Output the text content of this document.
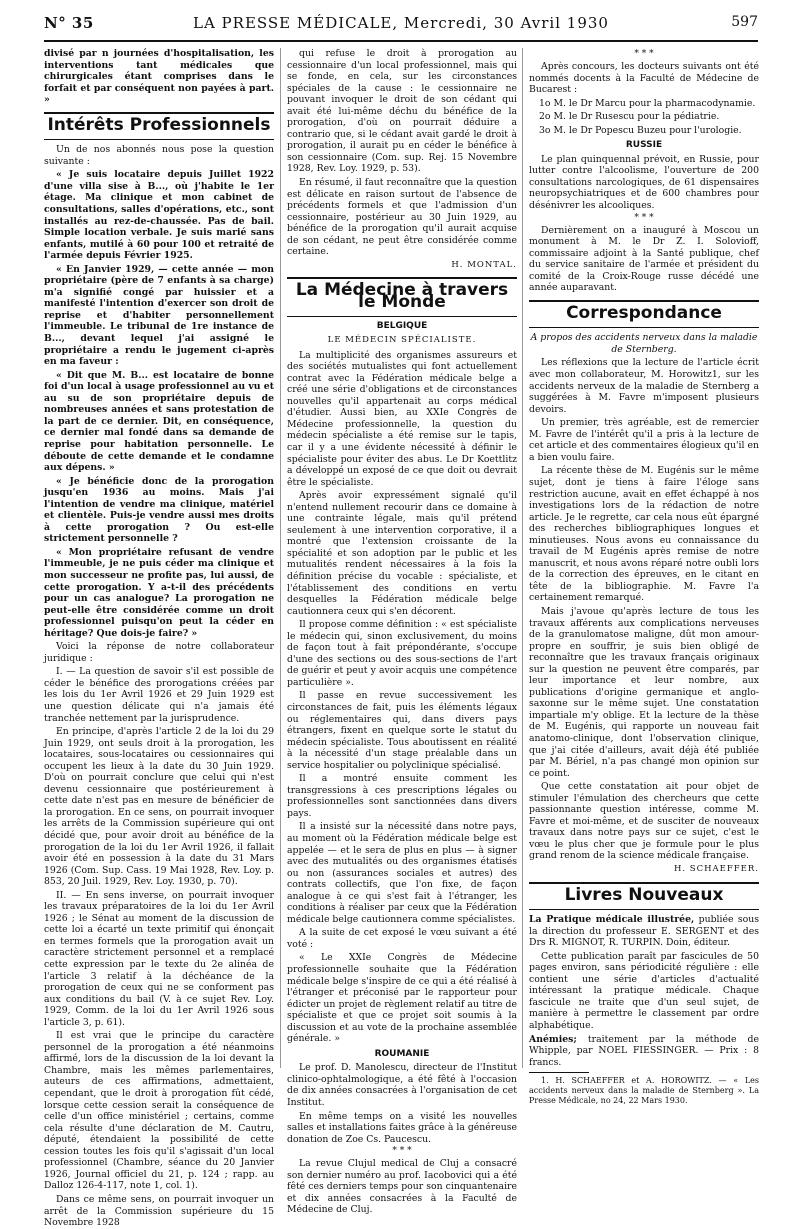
N° 35	LA PRESSE MÉDICALE, Mercredi, 30 Avril 1930	597

divisé par n journées d'hospitalisation, les interventions tant médicales que chirurgicales étant comprises dans le forfait et par conséquent non payées à part. »

Intérêts Professionnels

Un de nos abonnés nous pose la question suivante :

« Je suis locataire depuis Juillet 1922 d'une villa sise à B..., où j'habite le 1er étage. Ma clinique et mon cabinet de consultations, salles d'opérations, etc., sont installés au rez-de-chaussée. Pas de bail. Simple location verbale. Je suis marié sans enfants, mutilé à 60 pour 100 et retraité de l'armée depuis Février 1925.

« En Janvier 1929, — cette année — mon propriétaire (père de 7 enfants à sa charge) m'a signifié congé par huissier et a manifesté l'intention d'exercer son droit de reprise et d'habiter personnellement l'immeuble. Le tribunal de 1re instance de B..., devant lequel j'ai assigné le propriétaire a rendu le jugement ci-après en ma faveur :

« Dit que M. B... est locataire de bonne foi d'un local à usage professionnel au vu et au su de son propriétaire depuis de nombreuses années et sans protestation de la part de ce dernier. Dit, en conséquence, ce dernier mal fondé dans sa demande de reprise pour habitation personnelle. Le déboute de cette demande et le condamne aux dépens. »

« Je bénéficie donc de la prorogation jusqu'en 1936 au moins. Mais j'ai l'intention de vendre ma clinique, matériel et clientèle. Puis-je vendre aussi mes droits à cette prorogation ? Ou est-elle strictement personnelle ?

« Mon propriétaire refusant de vendre l'immeuble, je ne puis céder ma clinique et mon successeur ne profite pas, lui aussi, de cette prorogation. Y a-t-il des précédents pour un cas analogue? La prorogation ne peut-elle être considérée comme un droit professionnel puisqu'on peut la céder en héritage? Que dois-je faire? »

Voici la réponse de notre collaborateur juridique :

I. — La question de savoir s'il est possible de céder le bénéfice des prorogations créées par les lois du 1er Avril 1926 et 29 Juin 1929 est une question délicate qui n'a jamais été tranchée nettement par la jurisprudence.

En principe, d'après l'article 2 de la loi du 29 Juin 1929, ont seuls droit à la prorogation, les locataires, sous-locataires ou cessionnaires qui occupent les lieux à la date du 30 Juin 1929. D'où on pourrait conclure que celui qui n'est devenu cessionnaire que postérieurement à cette date n'est pas en mesure de bénéficier de la prorogation. En ce sens, on pourrait invoquer les arrêts de la Commission supérieure qui ont décidé que, pour avoir droit au bénéfice de la prorogation de la loi du 1er Avril 1926, il fallait avoir été en possession à la date du 31 Mars 1926 (Com. Sup. Cass. 19 Mai 1928, Rev. Loy. p. 853, 20 Juil. 1929, Rev. Loy. 1930, p. 70).

II. — En sens inverse, on pourrait invoquer les travaux préparatoires de la loi du 1er Avril 1926 ; le Sénat au moment de la discussion de cette loi a écarté un texte primitif qui énonçait en termes formels que la prorogation avait un caractère strictement personnel et a remplacé cette expression par le texte du 2e alinéa de l'article 3 relatif à la déchéance de la prorogation de ceux qui ne se conforment pas aux conditions du bail (V. à ce sujet Rev. Loy. 1929, Comm. de la loi du 1er Avril 1926 sous l'article 3, p. 61).

Il est vrai que le principe du caractère personnel de la prorogation a été néanmoins affirmé, lors de la discussion de la loi devant la Chambre, mais les mêmes parlementaires, auteurs de ces affirmations, admettaient, cependant, que le droit à prorogation fût cédé, lorsque cette cession serait la conséquence de celle d'un office ministériel ; certains, comme cela résulte d'une déclaration de M. Cautru, député, étendaient la possibilité de cette cession toutes les fois qu'il s'agissait d'un local professionnel (Chambre, séance du 20 Janvier 1926, Journal officiel du 21, p. 124 ; rapp. au Dalloz 126-4-117, note 1, col. 1).

Dans ce même sens, on pourrait invoquer un arrêt de la Commission supérieure du 15 Novembre 1928

qui refuse le droit à prorogation au cessionnaire d'un local professionnel, mais qui se fonde, en cela, sur les circonstances spéciales de la cause : le cessionnaire ne pouvant invoquer le droit de son cédant qui avait été lui-même déchu du bénéfice de la prorogation, d'où on pourrait déduire a contrario que, si le cédant avait gardé le droit à prorogation, il aurait pu en céder le bénéfice à son cessionnaire (Com. sup. Rej. 15 Novembre 1928, Rev. Loy. 1929, p. 53).

En résumé, il faut reconnaître que la question est délicate en raison surtout de l'absence de précédents formels et que l'admission d'un cessionnaire, postérieur au 30 Juin 1929, au bénéfice de la prorogation qu'il aurait acquise de son cédant, ne peut être considérée comme certaine.

H. MONTAL.
La Médecine à travers le Monde
BELGIQUE
LE MÉDECIN SPÉCIALISTE.

La multiplicité des organismes assureurs et des sociétés mutualistes qui font actuellement contrat avec la Fédération médicale belge a créé une série d'obligations et de circonstances nouvelles qu'il appartenait au corps médical d'étudier. Aussi bien, au XXIe Congrès de Médecine professionnelle, la question du médecin spécialiste a été remise sur le tapis, car il y a une évidente nécessité à définir le spécialiste pour éviter des abus. Le Dr Koettlitz a développé un exposé de ce que doit ou devrait être le spécialiste.

Après avoir expressément signalé qu'il n'entend nullement recourir dans ce domaine à une contrainte légale, mais qu'il prétend seulement à une intervention corporative, il a montré que l'extension croissante de la spécialité et son adoption par le public et les mutualités rendent nécessaires à la fois la définition précise du vocable : spécialiste, et l'établissement des conditions en vertu desquelles la Fédération médicale belge cautionnera ceux qui s'en décorent.

Il propose comme définition : « est spécialiste le médecin qui, sinon exclusivement, du moins de façon tout à fait prépondérante, s'occupe d'une des sections ou des sous-sections de l'art de guérir et peut y avoir acquis une compétence particulière ».

Il passe en revue successivement les circonstances de fait, puis les éléments légaux ou réglementaires qui, dans divers pays étrangers, fixent en quelque sorte le statut du médecin spécialiste. Tous aboutissent en réalité à la nécessité d'un stage préalable dans un service hospitalier ou polyclinique spécialisé.

Il a montré ensuite comment les transgressions à ces prescriptions légales ou professionnelles sont sanctionnées dans divers pays.

Il a insisté sur la nécessité dans notre pays, au moment où la Fédération médicale belge est appelée — et le sera de plus en plus — à signer avec des mutualités ou des organismes étatisés ou non (assurances sociales et autres) des contrats collectifs, que l'on fixe, de façon analogue à ce qui s'est fait à l'étranger, les conditions à réaliser par ceux que la Fédération médicale belge cautionnera comme spécialistes.

A la suite de cet exposé le vœu suivant a été voté :

« Le XXIe Congrès de Médecine professionnelle souhaite que la Fédération médicale belge s'inspire de ce qui a été réalisé à l'étranger et préconisé par le rapporteur pour édicter un projet de règlement relatif au titre de spécialiste et que ce projet soit soumis à la discussion et au vote de la prochaine assemblée générale. »

ROUMANIE

Le prof. D. Manolescu, directeur de l'Institut clinico-ophtalmologique, a été fêté à l'occasion de dix années consacrées à l'organisation de cet Institut.

En même temps on a visité les nouvelles salles et installations faites grâce à la généreuse donation de Zoe Cs. Paucescu.

* * *

La revue Clujul medical de Cluj a consacré son dernier numéro au prof. Iacobovici qui a été fêté ces derniers temps pour son cinquantenaire et dix années consacrées à la Faculté de Médecine de Cluj.

* * *

Après concours, les docteurs suivants ont été nommés docents à la Faculté de Médecine de Bucarest :

1o M. le Dr Marcu pour la pharmacodynamie.

2o M. le Dr Rusescu pour la pédiatrie.

3o M. le Dr Popescu Buzeu pour l'urologie.

RUSSIE

Le plan quinquennal prévoit, en Russie, pour lutter contre l'alcoolisme, l'ouverture de 200 consultations narcologiques, de 61 dispensaires neuropsychiatriques et de 600 chambres pour désénivrer les alcooliques.

* * *

Dernièrement on a inauguré à Moscou un monument à M. le Dr Z. I. Solovioff, commissaire adjoint à la Santé publique, chef du service sanitaire de l'armée et président du comité de la Croix-Rouge russe décédé une année auparavant.

Correspondance

A propos des accidents nerveux dans la maladie de Sternberg.

Les réflexions que la lecture de l'article écrit avec mon collaborateur, M. Horowitz1, sur les accidents nerveux de la maladie de Sternberg a suggérées à M. Favre m'imposent plusieurs devoirs.

Un premier, très agréable, est de remercier M. Favre de l'intérêt qu'il a pris à la lecture de cet article et des commentaires élogieux qu'il en a bien voulu faire.

La récente thèse de M. Eugénis sur le même sujet, dont je tiens à faire l'éloge sans restriction aucune, avait en effet échappé à nos investigations lors de la rédaction de notre article. Je le regrette, car cela nous eût épargné des recherches bibliographiques longues et minutieuses. Nous avons eu connaissance du travail de M Eugénis après remise de notre manuscrit, et nous avons réparé notre oubli lors de la correction des épreuves, en le citant en tête de la bibliographie. M. Favre l'a certainement remarqué.

Mais j'avoue qu'après lecture de tous les travaux afférents aux complications nerveuses de la granulomatose maligne, dût mon amour-propre en souffrir, je suis bien obligé de reconnaître que les travaux français originaux sur la question ne peuvent être comparés, par leur importance et leur nombre, aux publications d'origine germanique et anglo-saxonne sur le même sujet. Une constatation impartiale m'y oblige. Et la lecture de la thèse de M. Eugénis, qui rapporte un nouveau fait anatomo-clinique, dont l'observation clinique, que j'ai citée d'ailleurs, avait déjà été publiée par M. Bériel, n'a pas changé mon opinion sur ce point.

Que cette constatation ait pour objet de stimuler l'émulation des chercheurs que cette passionnante question intéresse, comme M. Favre et moi-même, et de susciter de nouveaux travaux dans notre pays sur ce sujet, c'est le vœu le plus cher que je formule pour le plus grand renom de la science médicale française.

H. SCHAEFFER.
Livres Nouveaux

La Pratique médicale illustrée, publiée sous la direction du professeur E. SERGENT et des Drs R. MIGNOT, R. TURPIN. Doin, éditeur.

Cette publication paraît par fascicules de 50 pages environ, sans périodicité régulière : elle contient une série d'articles d'actualité intéressant la pratique médicale. Chaque fascicule ne traite que d'un seul sujet, de manière à permettre le classement par ordre alphabétique.

Anémies; traitement par la méthode de Whipple, par NOEL FIESSINGER. — Prix : 8 francs.

1. H. SCHAEFFER et A. HOROWITZ. — « Les accidents nerveux dans la maladie de Sternberg ». La Presse Médicale, no 24, 22 Mars 1930.
